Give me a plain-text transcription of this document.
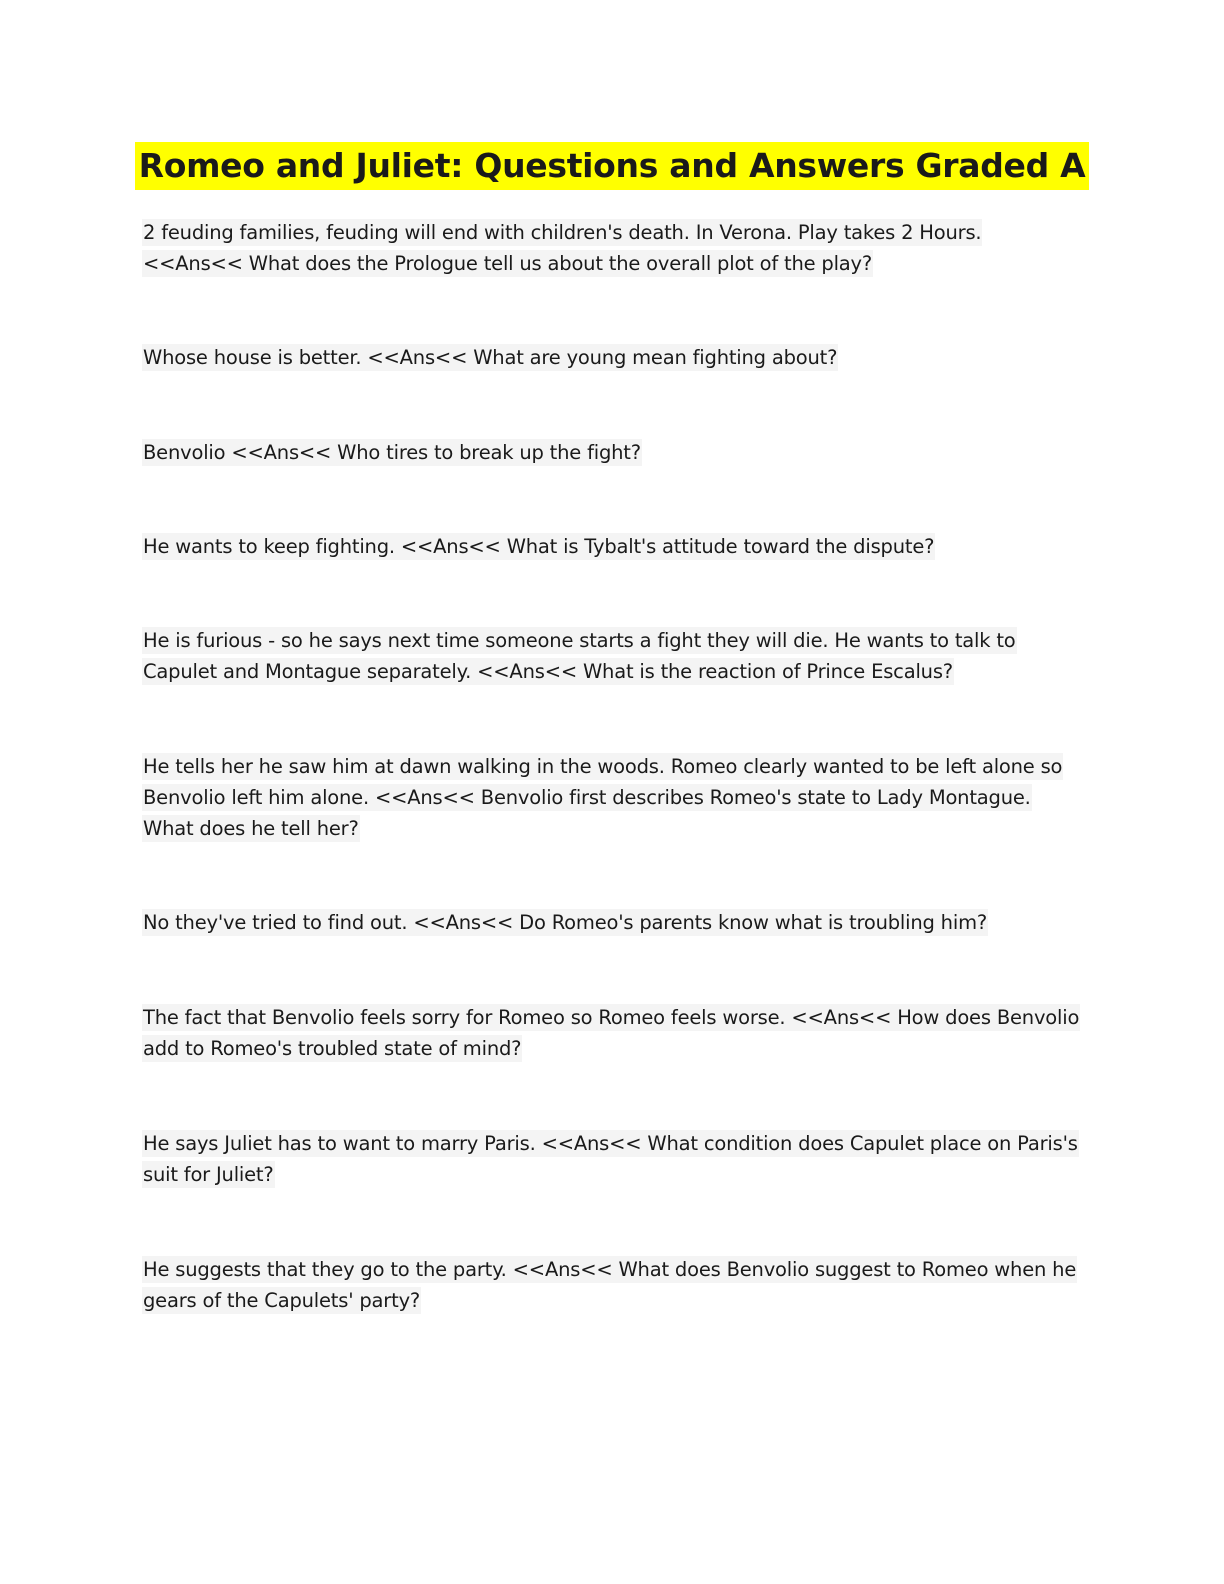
Romeo and Juliet: Questions and Answers Graded A
2 feuding families, feuding will end with children's death. In Verona. Play takes 2 Hours. <<Ans<< What does the Prologue tell us about the overall plot of the play?
Whose house is better. <<Ans<< What are young mean fighting about?
Benvolio <<Ans<< Who tires to break up the fight?
He wants to keep fighting. <<Ans<< What is Tybalt's attitude toward the dispute?
He is furious - so he says next time someone starts a fight they will die. He wants to talk to Capulet and Montague separately. <<Ans<< What is the reaction of Prince Escalus?
He tells her he saw him at dawn walking in the woods. Romeo clearly wanted to be left alone so Benvolio left him alone. <<Ans<< Benvolio first describes Romeo's state to Lady Montague. What does he tell her?
No they've tried to find out. <<Ans<< Do Romeo's parents know what is troubling him?
The fact that Benvolio feels sorry for Romeo so Romeo feels worse. <<Ans<< How does Benvolio add to Romeo's troubled state of mind?
He says Juliet has to want to marry Paris. <<Ans<< What condition does Capulet place on Paris's suit for Juliet?
He suggests that they go to the party. <<Ans<< What does Benvolio suggest to Romeo when he gears of the Capulets' party?
